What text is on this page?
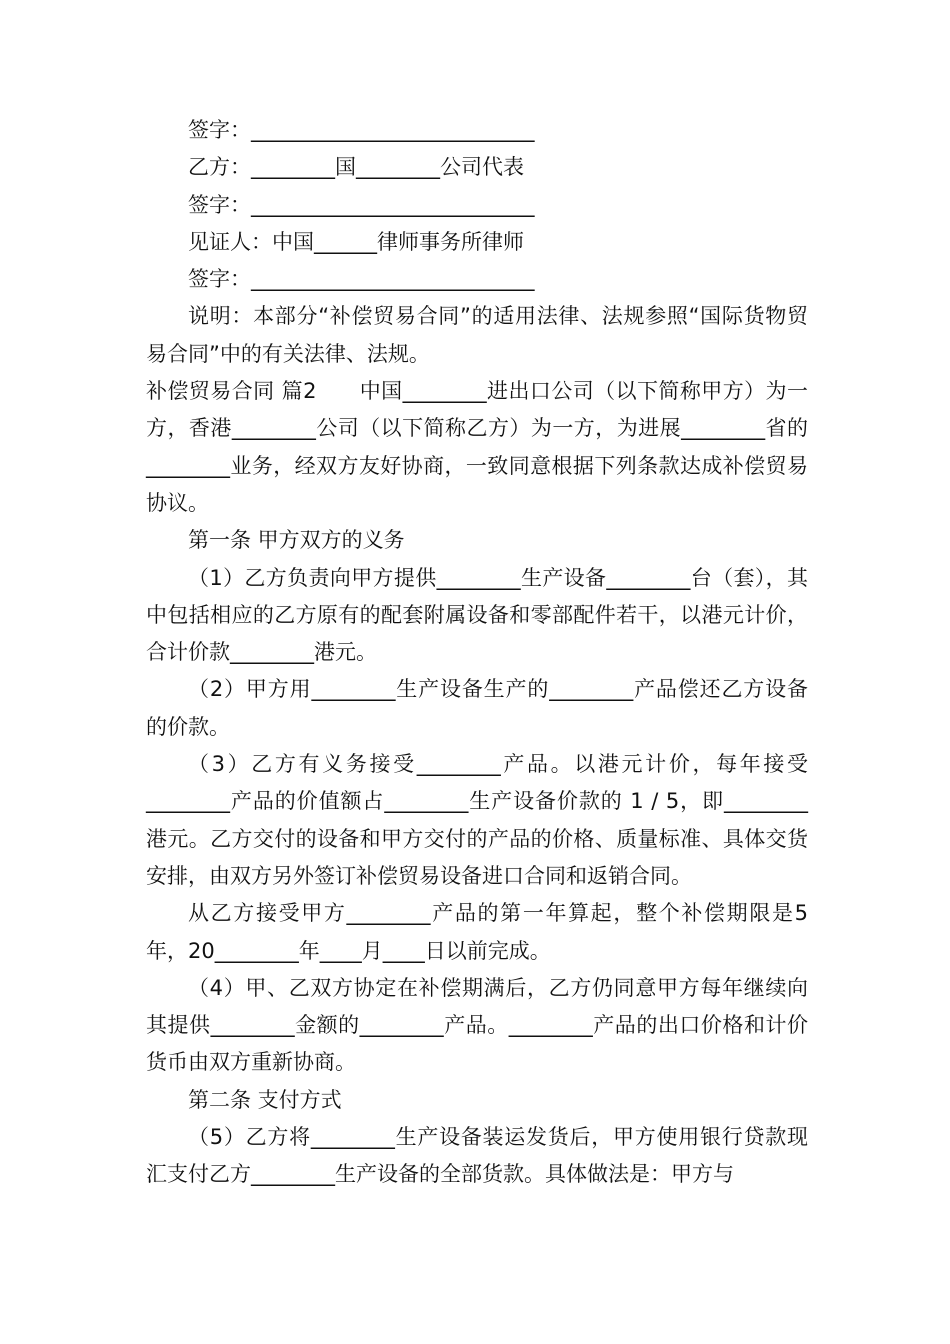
签字：___________________________

乙方：________国________公司代表

签字：___________________________

见证人：中国______律师事务所律师

签字：___________________________

说明：本部分“补偿贸易合同”的适用法律、法规参照“国际货物贸易合同”中的有关法律、法规。

补偿贸易合同 篇2　　中国________进出口公司（以下简称甲方）为一方，香港________公司（以下简称乙方）为一方，为进展________省的________业务，经双方友好协商，一致同意根据下列条款达成补偿贸易协议。

第一条 甲方双方的义务

（1）乙方负责向甲方提供________生产设备________台（套），其中包括相应的乙方原有的配套附属设备和零部配件若干，以港元计价，合计价款________港元。

（2）甲方用________生产设备生产的________产品偿还乙方设备的价款。

（3）乙方有义务接受________产品。以港元计价，每年接受________产品的价值额占________生产设备价款的 1 / 5，即________港元。乙方交付的设备和甲方交付的产品的价格、质量标准、具体交货安排，由双方另外签订补偿贸易设备进口合同和返销合同。

从乙方接受甲方________产品的第一年算起，整个补偿期限是5年，20________年____月____日以前完成。

（4）甲、乙双方协定在补偿期满后，乙方仍同意甲方每年继续向其提供________金额的________产品。________产品的出口价格和计价货币由双方重新协商。

第二条 支付方式

（5）乙方将________生产设备装运发货后，甲方使用银行贷款现汇支付乙方________生产设备的全部货款。具体做法是：甲方与
